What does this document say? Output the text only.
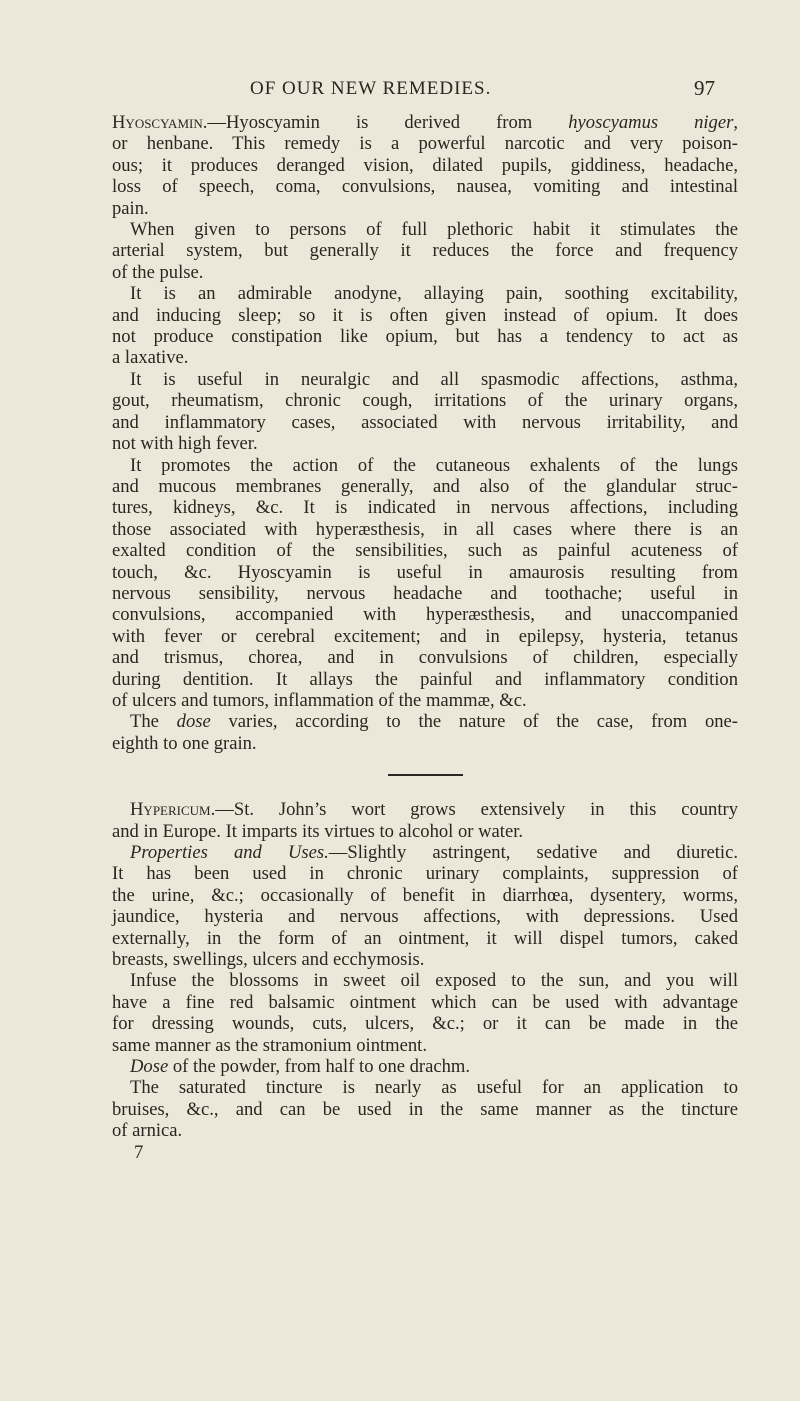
OF OUR NEW REMEDIES.	97
Hyoscyamin.—Hyoscyamin is derived from hyoscyamus niger,
or henbane. This remedy is a powerful narcotic and very poison-
ous; it produces deranged vision, dilated pupils, giddiness, headache,
loss of speech, coma, convulsions, nausea, vomiting and intestinal
pain.
When given to persons of full plethoric habit it stimulates the
arterial system, but generally it reduces the force and frequency
of the pulse.
It is an admirable anodyne, allaying pain, soothing excitability,
and inducing sleep; so it is often given instead of opium. It does
not produce constipation like opium, but has a tendency to act as
a laxative.
It is useful in neuralgic and all spasmodic affections, asthma,
gout, rheumatism, chronic cough, irritations of the urinary organs,
and inflammatory cases, associated with nervous irritability, and
not with high fever.
It promotes the action of the cutaneous exhalents of the lungs
and mucous membranes generally, and also of the glandular struc-
tures, kidneys, &c. It is indicated in nervous affections, including
those associated with hyperæsthesis, in all cases where there is an
exalted condition of the sensibilities, such as painful acuteness of
touch, &c. Hyoscyamin is useful in amaurosis resulting from
nervous sensibility, nervous headache and toothache; useful in
convulsions, accompanied with hyperæsthesis, and unaccompanied
with fever or cerebral excitement; and in epilepsy, hysteria, tetanus
and trismus, chorea, and in convulsions of children, especially
during dentition. It allays the painful and inflammatory condition
of ulcers and tumors, inflammation of the mammæ, &c.
The dose varies, according to the nature of the case, from one-
eighth to one grain.
Hypericum.—St. John’s wort grows extensively in this country
and in Europe. It imparts its virtues to alcohol or water.
Properties and Uses.—Slightly astringent, sedative and diuretic.
It has been used in chronic urinary complaints, suppression of
the urine, &c.; occasionally of benefit in diarrhœa, dysentery, worms,
jaundice, hysteria and nervous affections, with depressions. Used
externally, in the form of an ointment, it will dispel tumors, caked
breasts, swellings, ulcers and ecchymosis.
Infuse the blossoms in sweet oil exposed to the sun, and you will
have a fine red balsamic ointment which can be used with advantage
for dressing wounds, cuts, ulcers, &c.; or it can be made in the
same manner as the stramonium ointment.
Dose of the powder, from half to one drachm.
The saturated tincture is nearly as useful for an application to
bruises, &c., and can be used in the same manner as the tincture
of arnica.
7
